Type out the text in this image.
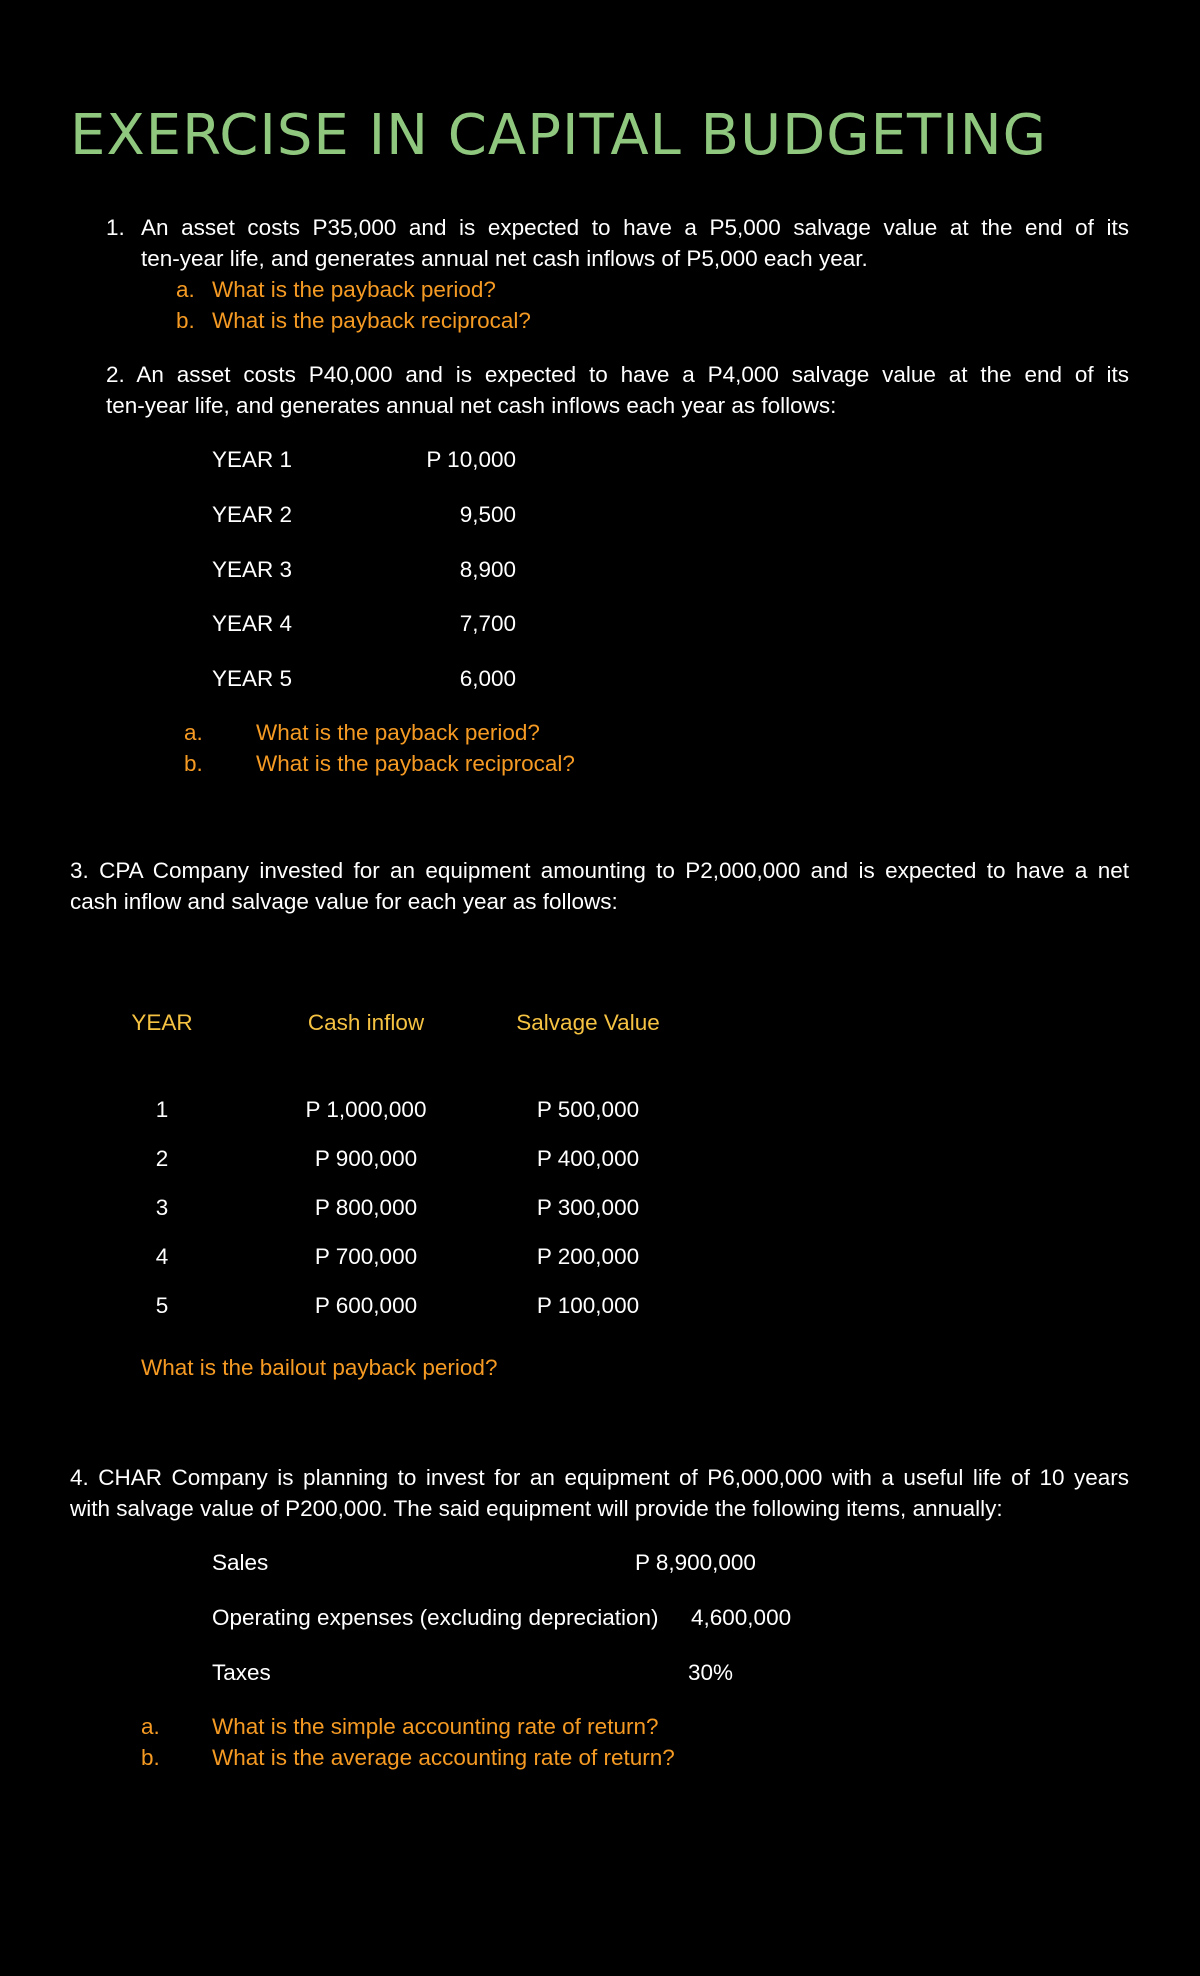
EXERCISE IN CAPITAL BUDGETING
1. An asset costs P35,000 and is expected to have a P5,000 salvage value at the end of its
ten-year life, and generates annual net cash inflows of P5,000 each year.
a. What is the payback period?
b. What is the payback reciprocal?
2. An asset costs P40,000 and is expected to have a P4,000 salvage value at the end of its
ten-year life, and generates annual net cash inflows each year as follows:
YEAR 1	P 10,000
YEAR 2	9,500
YEAR 3	8,900
YEAR 4	7,700
YEAR 5	6,000
a. What is the payback period?
b. What is the payback reciprocal?
3. CPA Company invested for an equipment amounting to P2,000,000 and is expected to have a net
cash inflow and salvage value for each year as follows:
YEAR	Cash inflow	Salvage Value
1	P 1,000,000	P 500,000
2	P 900,000	P 400,000
3	P 800,000	P 300,000
4	P 700,000	P 200,000
5	P 600,000	P 100,000
What is the bailout payback period?
4. CHAR Company is planning to invest for an equipment of P6,000,000 with a useful life of 10 years
with salvage value of P200,000. The said equipment will provide the following items, annually:
Sales	P 8,900,000
Operating expenses (excluding depreciation) 4,600,000
Taxes	30%
a. What is the simple accounting rate of return?
b. What is the average accounting rate of return?
